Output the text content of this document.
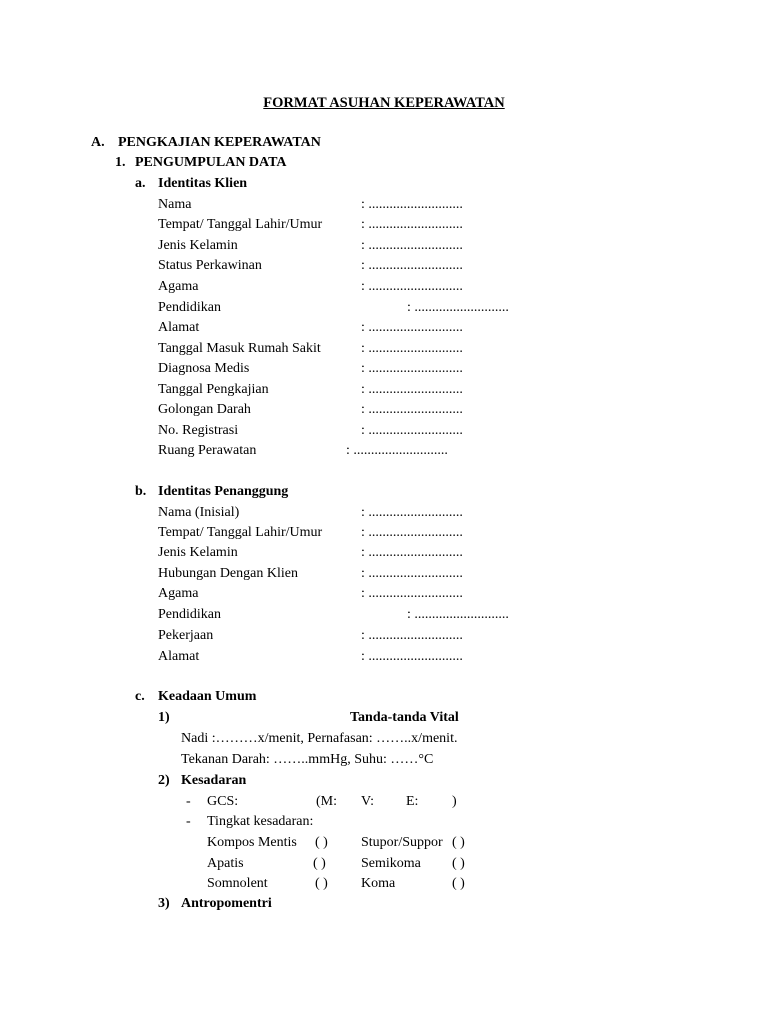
FORMAT ASUHAN KEPERAWATAN
A. PENGKAJIAN KEPERAWATAN
1. PENGUMPULAN DATA
a. Identitas Klien
Nama	: ...........................
Tempat/ Tanggal Lahir/Umur	: ...........................
Jenis Kelamin	: ...........................
Status Perkawinan	: ...........................
Agama	: ...........................
Pendidikan	: ...........................
Alamat	: ...........................
Tanggal Masuk Rumah Sakit	: ...........................
Diagnosa Medis	: ...........................
Tanggal Pengkajian	: ...........................
Golongan Darah	: ...........................
No. Registrasi	: ...........................
Ruang Perawatan	: ...........................
b. Identitas Penanggung
Nama (Inisial)	: ...........................
Tempat/ Tanggal Lahir/Umur	: ...........................
Jenis Kelamin	: ...........................
Hubungan Dengan Klien	: ...........................
Agama	: ...........................
Pendidikan	: ...........................
Pekerjaan	: ...........................
Alamat	: ...........................
c. Keadaan Umum
1)	Tanda-tanda Vital
Nadi :………x/menit, Pernafasan: ……..x/menit.
Tekanan Darah: ……..mmHg, Suhu: ……°C
2) Kesadaran
- GCS:	(M: V: E: )
- Tingkat kesadaran:
Kompos Mentis ( ) Stupor/Suppor ( )
Apatis	( )	Semikoma ( )
Somnolent	( ) Koma	( )
3) Antropomentri
